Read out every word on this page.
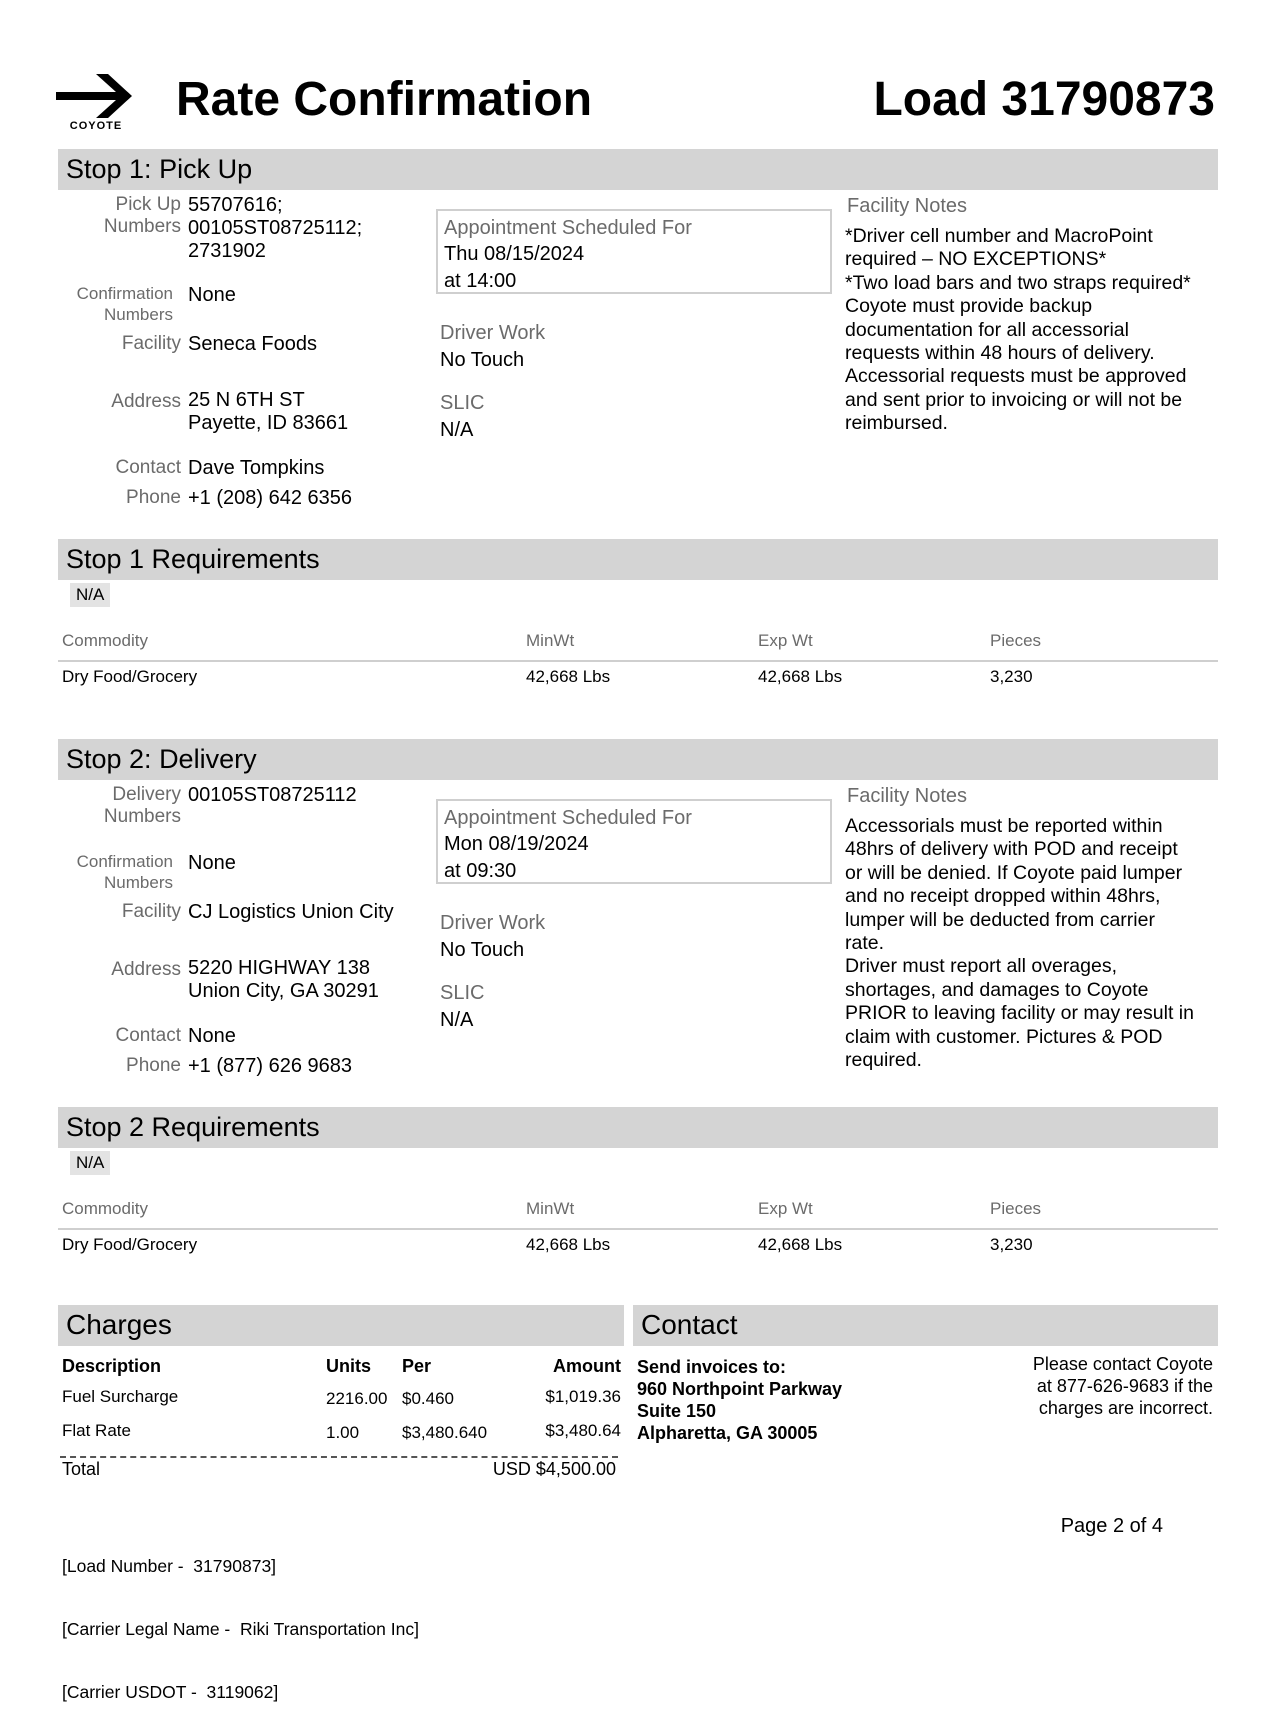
COYOTE Rate Confirmation	Load 31790873
Stop 1: Pick Up
Pick Up
Numbers
55707616;
00105ST08725112;
2731902
Confirmation
Numbers
None
Facility Seneca Foods
Address 25 N 6TH ST
Payette, ID 83661
Contact Dave Tompkins
Phone +1 (208) 642 6356
Appointment Scheduled For
Thu 08/15/2024
at 14:00
Driver Work
No Touch
SLIC
N/A
Facility Notes
*Driver cell number and MacroPoint
required – NO EXCEPTIONS*
*Two load bars and two straps required*
Coyote must provide backup
documentation for all accessorial
requests within 48 hours of delivery.
Accessorial requests must be approved
and sent prior to invoicing or will not be
reimbursed.
Stop 1 Requirements
N/A
Commodity	MinWt	Exp Wt	Pieces
Dry Food/Grocery	42,668 Lbs	42,668 Lbs	3,230
Stop 2: Delivery
Delivery
Numbers
00105ST08725112
Confirmation
Numbers
None
Facility CJ Logistics Union City
Address 5220 HIGHWAY 138
Union City, GA 30291
Contact None
Phone +1 (877) 626 9683
Appointment Scheduled For
Mon 08/19/2024
at 09:30
Driver Work
No Touch
SLIC
N/A
Facility Notes
Accessorials must be reported within
48hrs of delivery with POD and receipt
or will be denied. If Coyote paid lumper
and no receipt dropped within 48hrs,
lumper will be deducted from carrier
rate.
Driver must report all overages,
shortages, and damages to Coyote
PRIOR to leaving facility or may result in
claim with customer. Pictures & POD
required.
Stop 2 Requirements
N/A
Commodity	MinWt	Exp Wt	Pieces
Dry Food/Grocery	42,668 Lbs	42,668 Lbs	3,230
Charges
Description	Units Per	Amount
Fuel Surcharge	2216.00 $0.460	$1,019.36
Flat Rate	1.00	$3,480.640	$3,480.64
Total	USD $4,500.00
Contact
Send invoices to:
960 Northpoint Parkway
Suite 150
Alpharetta, GA 30005
Please contact Coyote
at 877-626-9683 if the
charges are incorrect.

[Load Number -  31790873]

[Carrier Legal Name -  Riki Transportation Inc]

[Carrier USDOT -  3119062]

Page 2 of 4
